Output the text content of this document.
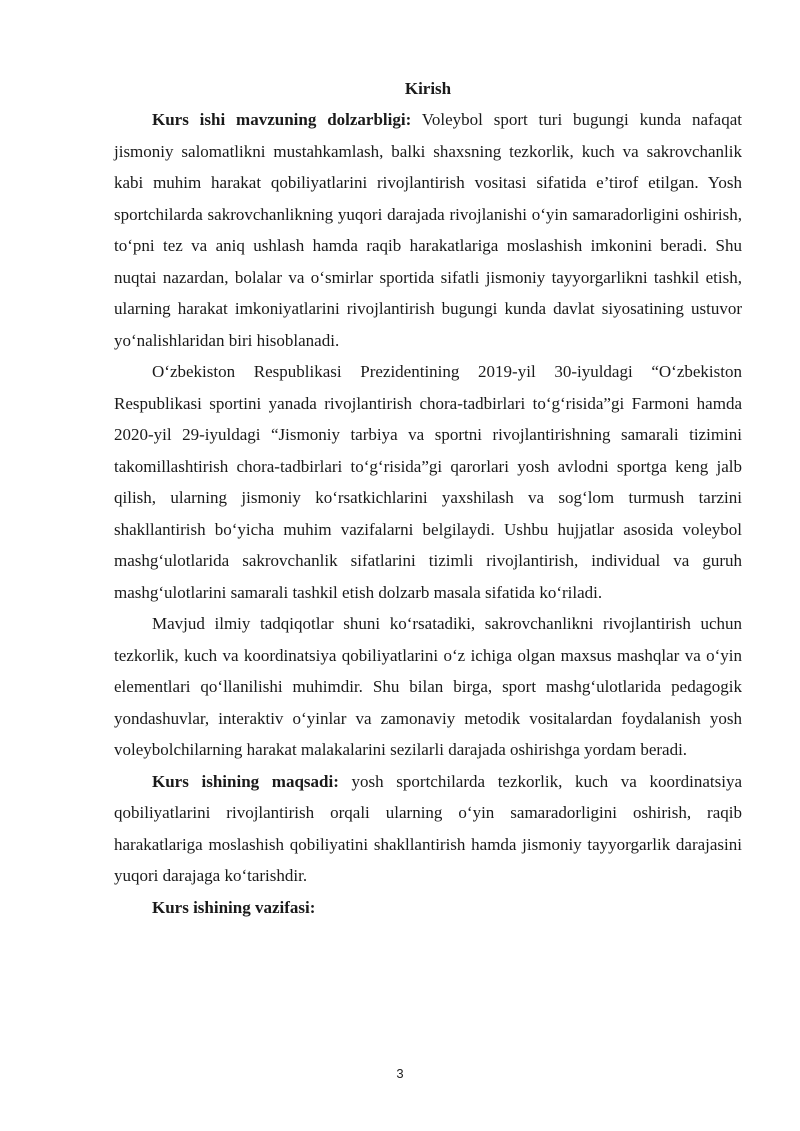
Kirish

Kurs ishi mavzuning dolzarbligi: Voleybol sport turi bugungi kunda nafaqat jismoniy salomatlikni mustahkamlash, balki shaxsning tezkorlik, kuch va sakrovchanlik kabi muhim harakat qobiliyatlarini rivojlantirish vositasi sifatida e’tirof etilgan. Yosh sportchilarda sakrovchanlikning yuqori darajada rivojlanishi o‘yin samaradorligini oshirish, to‘pni tez va aniq ushlash hamda raqib harakatlariga moslashish imkonini beradi. Shu nuqtai nazardan, bolalar va o‘smirlar sportida sifatli jismoniy tayyorgarlikni tashkil etish, ularning harakat imkoniyatlarini rivojlantirish bugungi kunda davlat siyosatining ustuvor yo‘nalishlaridan biri hisoblanadi.

O‘zbekiston Respublikasi Prezidentining 2019-yil 30-iyuldagi “O‘zbekiston Respublikasi sportini yanada rivojlantirish chora-tadbirlari to‘g‘risida”gi Farmoni hamda 2020-yil 29-iyuldagi “Jismoniy tarbiya va sportni rivojlantirishning samarali tizimini takomillashtirish chora-tadbirlari to‘g‘risida”gi qarorlari yosh avlodni sportga keng jalb qilish, ularning jismoniy ko‘rsatkichlarini yaxshilash va sog‘lom turmush tarzini shakllantirish bo‘yicha muhim vazifalarni belgilaydi. Ushbu hujjatlar asosida voleybol mashg‘ulotlarida sakrovchanlik sifatlarini tizimli rivojlantirish, individual va guruh mashg‘ulotlarini samarali tashkil etish dolzarb masala sifatida ko‘riladi.

Mavjud ilmiy tadqiqotlar shuni ko‘rsatadiki, sakrovchanlikni rivojlantirish uchun tezkorlik, kuch va koordinatsiya qobiliyatlarini o‘z ichiga olgan maxsus mashqlar va o‘yin elementlari qo‘llanilishi muhimdir. Shu bilan birga, sport mashg‘ulotlarida pedagogik yondashuvlar, interaktiv o‘yinlar va zamonaviy metodik vositalardan foydalanish yosh voleybolchilarning harakat malakalarini sezilarli darajada oshirishga yordam beradi.

Kurs ishining maqsadi: yosh sportchilarda tezkorlik, kuch va koordinatsiya qobiliyatlarini rivojlantirish orqali ularning o‘yin samaradorligini oshirish, raqib harakatlariga moslashish qobiliyatini shakllantirish hamda jismoniy tayyorgarlik darajasini yuqori darajaga ko‘tarishdir.

Kurs ishining vazifasi:

3
